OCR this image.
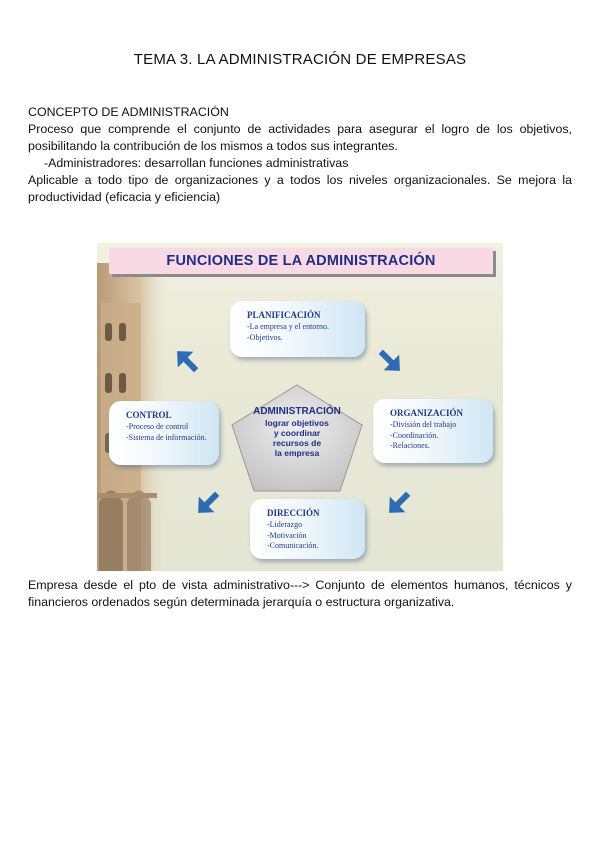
TEMA 3. LA ADMINISTRACIÓN DE EMPRESAS
CONCEPTO DE ADMINISTRACIÓN
Proceso que comprende el conjunto de actividades para asegurar el logro de los objetivos, posibilitando la contribución de los mismos a todos sus integrantes.
-Administradores: desarrollan funciones administrativas
Aplicable a todo tipo de organizaciones y a todos los niveles organizacionales. Se mejora la productividad (eficacia y eficiencia)
FUNCIONES DE LA ADMINISTRACIÓN
PLANIFICACIÓN
-La empresa y el entorno.
-Objetivos.
ORGANIZACIÓN
-División del trabajo
-Coordinación.
-Relaciones.
CONTROL
-Proceso de control
-Sistema de información.
DIRECCIÓN
-Liderazgo
-Motivación
-Comunicación.
ADMINISTRACIÓN
lograr objetivos
y coordinar
recursos de
la empresa
Empresa desde el pto de vista administrativo---> Conjunto de elementos humanos, técnicos y financieros ordenados según determinada jerarquía o estructura organizativa.
